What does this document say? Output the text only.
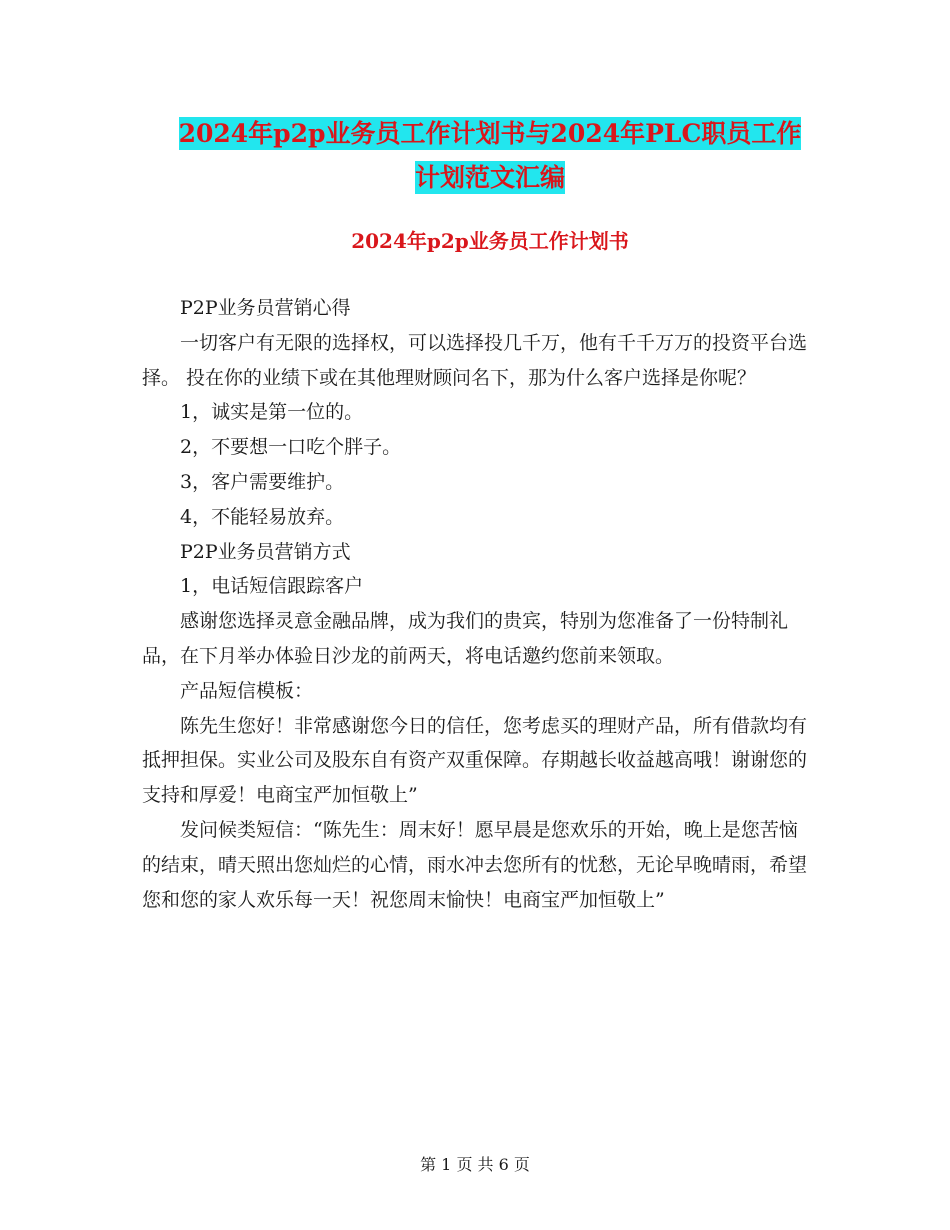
2024年p2p业务员工作计划书与2024年PLC职员工作
计划范文汇编
2024年p2p业务员工作计划书

P2P业务员营销心得

一切客户有无限的选择权，可以选择投几千万，他有千千万万的投资平台选择。 投在你的业绩下或在其他理财顾问名下，那为什么客户选择是你呢？

1，诚实是第一位的。

2，不要想一口吃个胖子。

3，客户需要维护。

4，不能轻易放弃。

P2P业务员营销方式

1，电话短信跟踪客户

感谢您选择灵意金融品牌，成为我们的贵宾，特别为您准备了一份特制礼品，在下月举办体验日沙龙的前两天，将电话邀约您前来领取。

产品短信模板：

陈先生您好！非常感谢您今日的信任，您考虑买的理财产品，所有借款均有抵押担保。实业公司及股东自有资产双重保障。存期越长收益越高哦！谢谢您的支持和厚爱！电商宝严加恒敬上”

发问候类短信：“陈先生：周末好！愿早晨是您欢乐的开始，晚上是您苦恼的结束，晴天照出您灿烂的心情，雨水冲去您所有的忧愁，无论早晚晴雨，希望您和您的家人欢乐每一天！祝您周末愉快！电商宝严加恒敬上”

第 1 页 共 6 页
